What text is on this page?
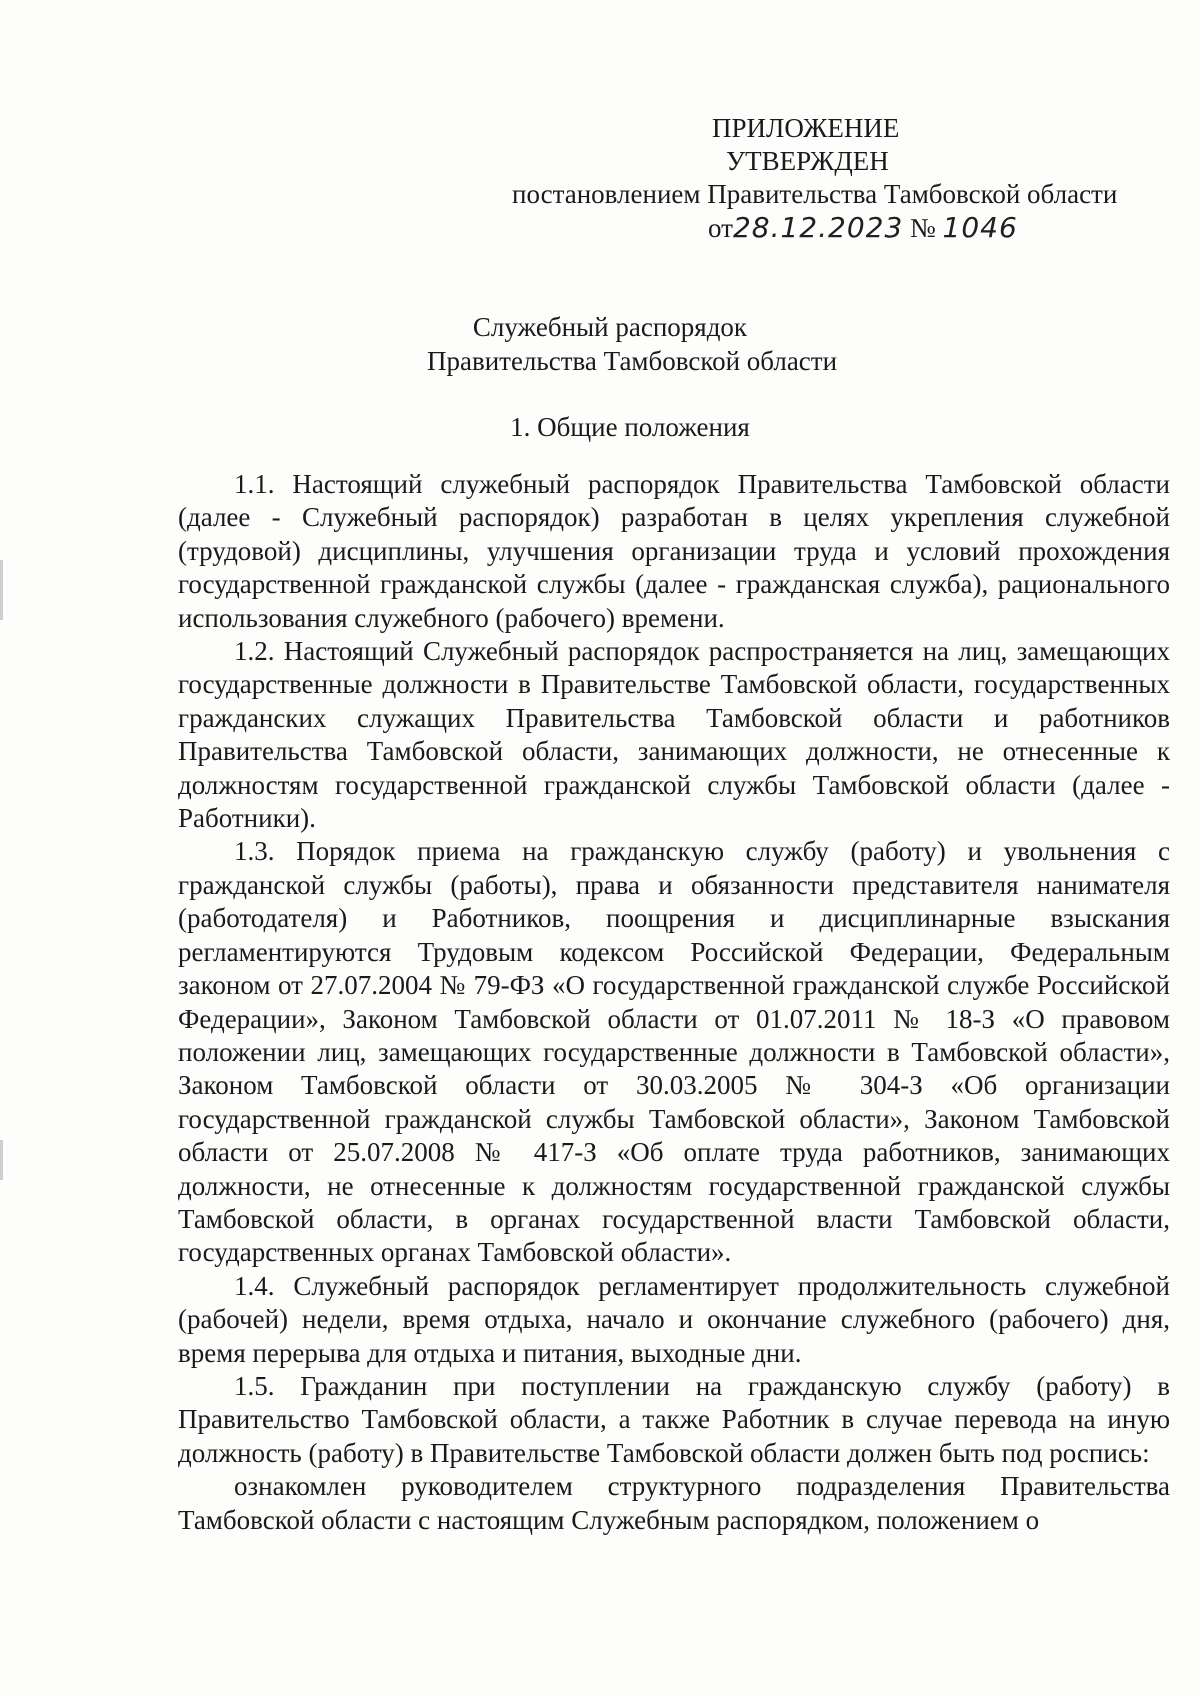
ПРИЛОЖЕНИЕ
УТВЕРЖДЕН
постановлением Правительства Тамбовской области
от28.12.2023 № 1046
Служебный распорядок
Правительства Тамбовской области
1. Общие положения

1.1. Настоящий служебный распорядок Правительства Тамбовской области (далее - Служебный распорядок) разработан в целях укрепления служебной (трудовой) дисциплины, улучшения организации труда и условий прохождения государственной гражданской службы (далее - гражданская служба), рационального использования служебного (рабочего) времени.

1.2. Настоящий Служебный распорядок распространяется на лиц, замещающих государственные должности в Правительстве Тамбовской области, государственных гражданских служащих Правительства Тамбовской области и работников Правительства Тамбовской области, занимающих должности, не отнесенные к должностям государственной гражданской службы Тамбовской области (далее - Работники).

1.3. Порядок приема на гражданскую службу (работу) и увольнения с гражданской службы (работы), права и обязанности представителя нанимателя (работодателя) и Работников, поощрения и дисциплинарные взыскания регламентируются Трудовым кодексом Российской Федерации, Федеральным законом от 27.07.2004 № 79-ФЗ «О государственной гражданской службе Российской Федерации», Законом Тамбовской области от 01.07.2011 № 18-З «О правовом положении лиц, замещающих государственные должности в Тамбовской области», Законом Тамбовской области от 30.03.2005 № 304-З «Об организации государственной гражданской службы Тамбовской области», Законом Тамбовской области от 25.07.2008 № 417-З «Об оплате труда работников, занимающих должности, не отнесенные к должностям государственной гражданской службы Тамбовской области, в органах государственной власти Тамбовской области, государственных органах Тамбовской области».

1.4. Служебный распорядок регламентирует продолжительность служебной (рабочей) недели, время отдыха, начало и окончание служебного (рабочего) дня, время перерыва для отдыха и питания, выходные дни.

1.5. Гражданин при поступлении на гражданскую службу (работу) в Правительство Тамбовской области, а также Работник в случае перевода на иную должность (работу) в Правительстве Тамбовской области должен быть под роспись:

ознакомлен руководителем структурного подразделения Правительства Тамбовской области с настоящим Служебным распорядком, положением о
